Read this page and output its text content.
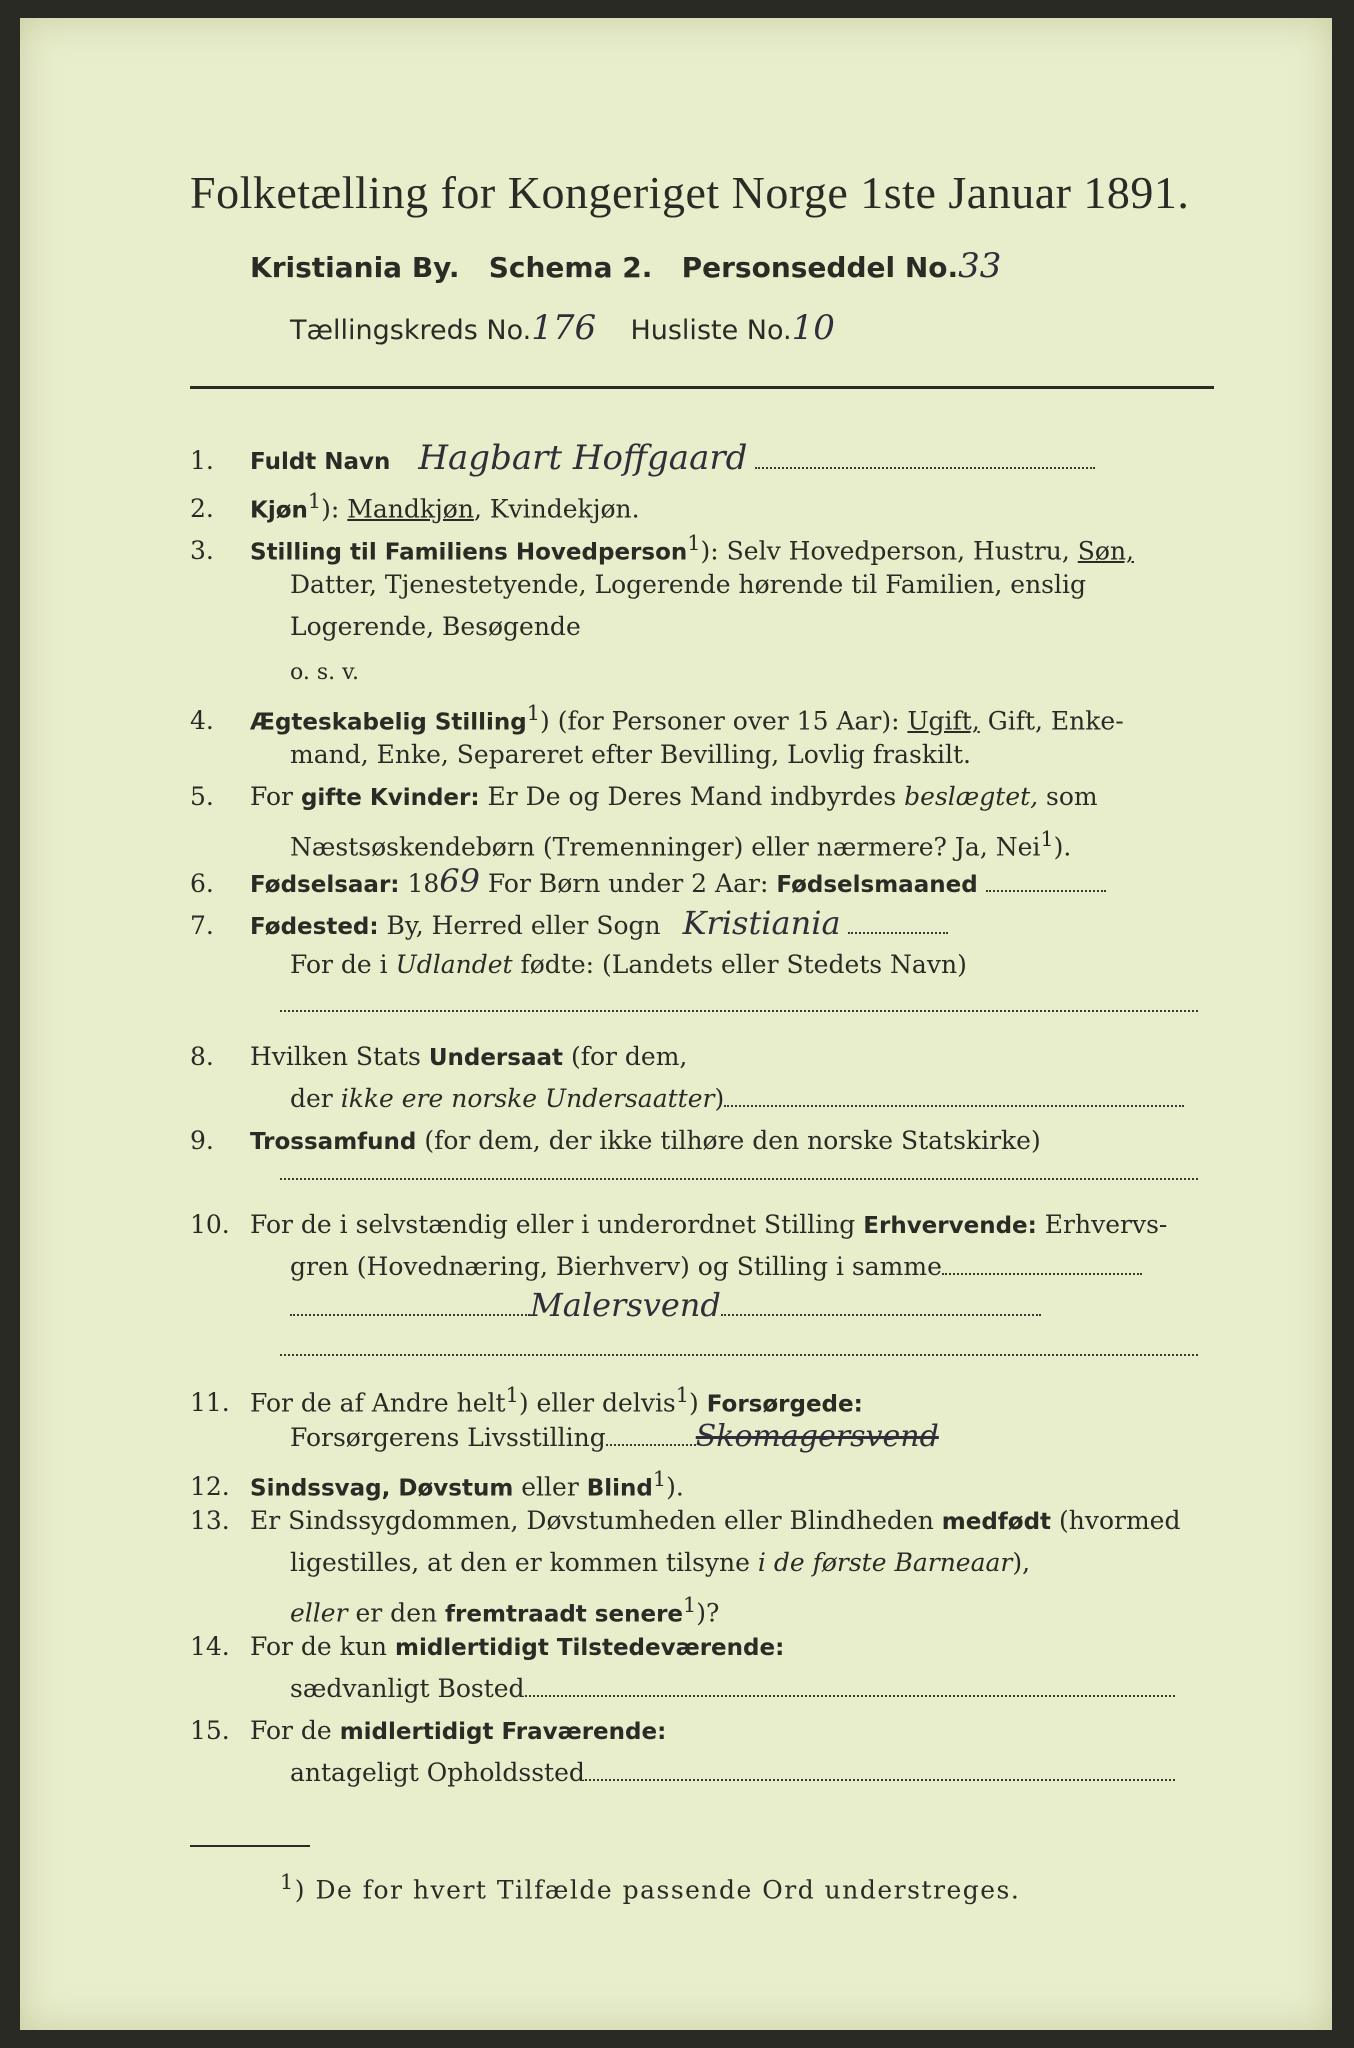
Folketælling for Kongeriget Norge 1ste Januar 1891.
Kristiania By. Schema 2. Personseddel No.33
Tællingskreds No.176 Husliste No.10
1. Fuldt Navn Hagbart Hoffgaard
2. Kjøn$^1$): Mandkjøn, Kvindekjøn.
3. Stilling til Familiens Hovedperson$^1$): Selv Hovedperson, Hustru, Søn,
Datter, Tjenestetyende, Logerende hørende til Familien, enslig
Logerende, Besøgende
o. s. v.
4. Ægteskabelig Stilling$^1$) (for Personer over 15 Aar): Ugift, Gift, Enke-
mand, Enke, Separeret efter Bevilling, Lovlig fraskilt.
5. For gifte Kvinder: Er De og Deres Mand indbyrdes beslægtet, som
Næstsøskendebørn (Tremenninger) eller nærmere? Ja, Nei$^1$).
6. Fødselsaar: 1869 For Børn under 2 Aar: Fødselsmaaned
7. Fødested: By, Herred eller Sogn Kristiania
For de i Udlandet fødte: (Landets eller Stedets Navn)
8. Hvilken Stats Undersaat (for dem,
der ikke ere norske Undersaatter)
9. Trossamfund (for dem, der ikke tilhøre den norske Statskirke)
10. For de i selvstændig eller i underordnet Stilling Erhvervende: Erhvervs-
gren (Hovednæring, Bierhverv) og Stilling i samme
Malersvend
11. For de af Andre helt$^1$) eller delvis$^1$) Forsørgede:
Forsørgerens Livsstilling	Skomagersvend
12. Sindssvag, Døvstum eller Blind$^1$).
13. Er Sindssygdommen, Døvstumheden eller Blindheden medfødt (hvormed
ligestilles, at den er kommen tilsyne i de første Barneaar),
eller er den fremtraadt senere$^1$)?
14. For de kun midlertidigt Tilstedeværende:
sædvanligt Bosted
15. For de midlertidigt Fraværende:
antageligt Opholdssted
$^1$) De for hvert Tilfælde passende Ord understreges.
